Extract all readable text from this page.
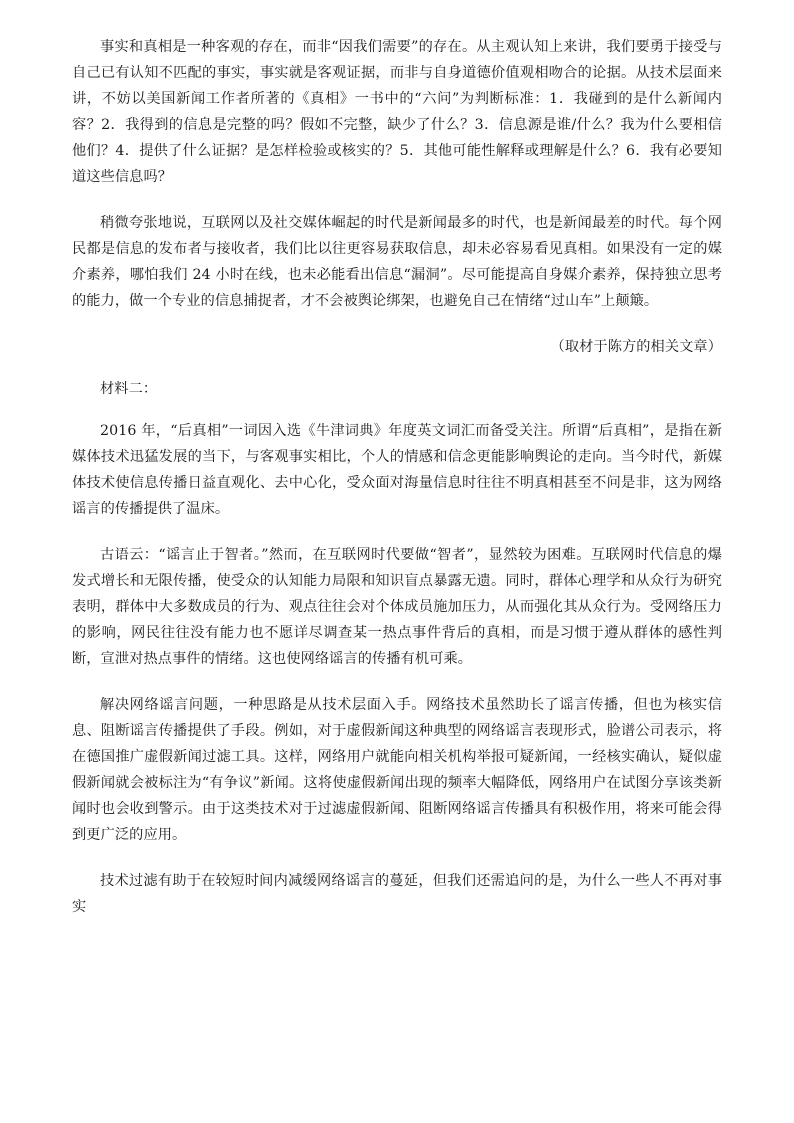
事实和真相是一种客观的存在，而非“因我们需要”的存在。从主观认知上来讲，我们要勇于接受与自己已有认知不匹配的事实，事实就是客观证据，而非与自身道德价值观相吻合的论据。从技术层面来讲，不妨以美国新闻工作者所著的《真相》一书中的“六问”为判断标准：1．我碰到的是什么新闻内容？2．我得到的信息是完整的吗？假如不完整，缺少了什么？3．信息源是谁/什么？我为什么要相信他们？4．提供了什么证据？是怎样检验或核实的？5．其他可能性解释或理解是什么？6．我有必要知道这些信息吗？

稍微夸张地说，互联网以及社交媒体崛起的时代是新闻最多的时代，也是新闻最差的时代。每个网民都是信息的发布者与接收者，我们比以往更容易获取信息，却未必容易看见真相。如果没有一定的媒介素养，哪怕我们 24 小时在线，也未必能看出信息“漏洞”。尽可能提高自身媒介素养，保持独立思考的能力，做一个专业的信息捕捉者，才不会被舆论绑架，也避免自己在情绪“过山车”上颠簸。

（取材于陈方的相关文章）

材料二：

2016 年，“后真相”一词因入选《牛津词典》年度英文词汇而备受关注。所谓“后真相”，是指在新媒体技术迅猛发展的当下，与客观事实相比，个人的情感和信念更能影响舆论的走向。当今时代，新媒体技术使信息传播日益直观化、去中心化，受众面对海量信息时往往不明真相甚至不问是非，这为网络谣言的传播提供了温床。

古语云：“谣言止于智者。”然而，在互联网时代要做“智者”，显然较为困难。互联网时代信息的爆发式增长和无限传播，使受众的认知能力局限和知识盲点暴露无遗。同时，群体心理学和从众行为研究表明，群体中大多数成员的行为、观点往往会对个体成员施加压力，从而强化其从众行为。受网络压力的影响，网民往往没有能力也不愿详尽调查某一热点事件背后的真相，而是习惯于遵从群体的感性判断，宣泄对热点事件的情绪。这也使网络谣言的传播有机可乘。

解决网络谣言问题，一种思路是从技术层面入手。网络技术虽然助长了谣言传播，但也为核实信息、阻断谣言传播提供了手段。例如，对于虚假新闻这种典型的网络谣言表现形式，脸谱公司表示，将在德国推广虚假新闻过滤工具。这样，网络用户就能向相关机构举报可疑新闻，一经核实确认，疑似虚假新闻就会被标注为“有争议”新闻。这将使虚假新闻出现的频率大幅降低，网络用户在试图分享该类新闻时也会收到警示。由于这类技术对于过滤虚假新闻、阻断网络谣言传播具有积极作用，将来可能会得到更广泛的应用。

技术过滤有助于在较短时间内减缓网络谣言的蔓延，但我们还需追问的是，为什么一些人不再对事实
